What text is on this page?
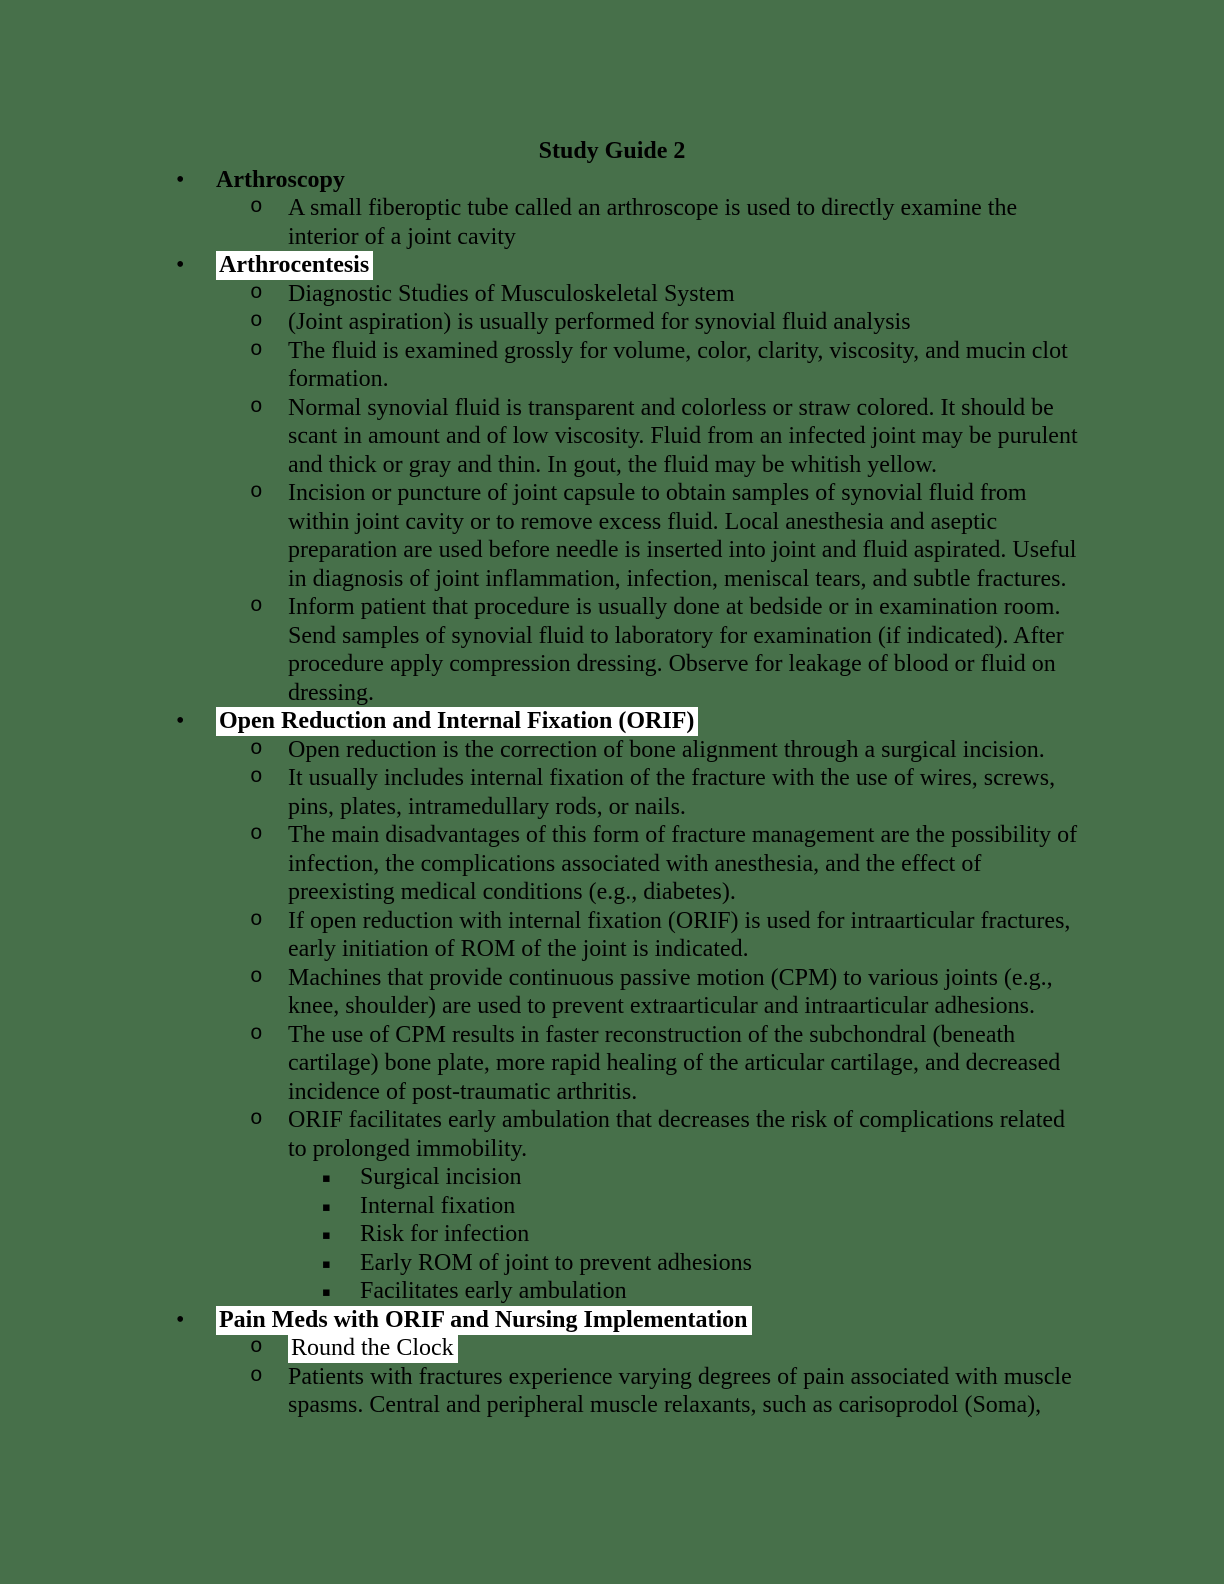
Study Guide 2
• Arthroscopy
o A small fiberoptic tube called an arthroscope is used to directly examine the interior of a joint cavity
• Arthrocentesis
o Diagnostic Studies of Musculoskeletal System
o (Joint aspiration) is usually performed for synovial fluid analysis
o The fluid is examined grossly for volume, color, clarity, viscosity, and mucin clot formation.
o Normal synovial fluid is transparent and colorless or straw colored. It should be scant in amount and of low viscosity. Fluid from an infected joint may be purulent and thick or gray and thin. In gout, the fluid may be whitish yellow.
o Incision or puncture of joint capsule to obtain samples of synovial fluid from within joint cavity or to remove excess fluid. Local anesthesia and aseptic preparation are used before needle is inserted into joint and fluid aspirated. Useful in diagnosis of joint inflammation, infection, meniscal tears, and subtle fractures.
o Inform patient that procedure is usually done at bedside or in examination room. Send samples of synovial fluid to laboratory for examination (if indicated). After procedure apply compression dressing. Observe for leakage of blood or fluid on dressing.
• Open Reduction and Internal Fixation (ORIF)
o Open reduction is the correction of bone alignment through a surgical incision.
o It usually includes internal fixation of the fracture with the use of wires, screws, pins, plates, intramedullary rods, or nails.
o The main disadvantages of this form of fracture management are the possibility of infection, the complications associated with anesthesia, and the effect of preexisting medical conditions (e.g., diabetes).
o If open reduction with internal fixation (ORIF) is used for intraarticular fractures, early initiation of ROM of the joint is indicated.
o Machines that provide continuous passive motion (CPM) to various joints (e.g., knee, shoulder) are used to prevent extraarticular and intraarticular adhesions.
o The use of CPM results in faster reconstruction of the subchondral (beneath cartilage) bone plate, more rapid healing of the articular cartilage, and decreased incidence of post-traumatic arthritis.
o ORIF facilitates early ambulation that decreases the risk of complications related to prolonged immobility.
▪ Surgical incision
▪ Internal fixation
▪ Risk for infection
▪ Early ROM of joint to prevent adhesions
▪ Facilitates early ambulation
• Pain Meds with ORIF and Nursing Implementation
o Round the Clock
o Patients with fractures experience varying degrees of pain associated with muscle spasms. Central and peripheral muscle relaxants, such as carisoprodol (Soma),
